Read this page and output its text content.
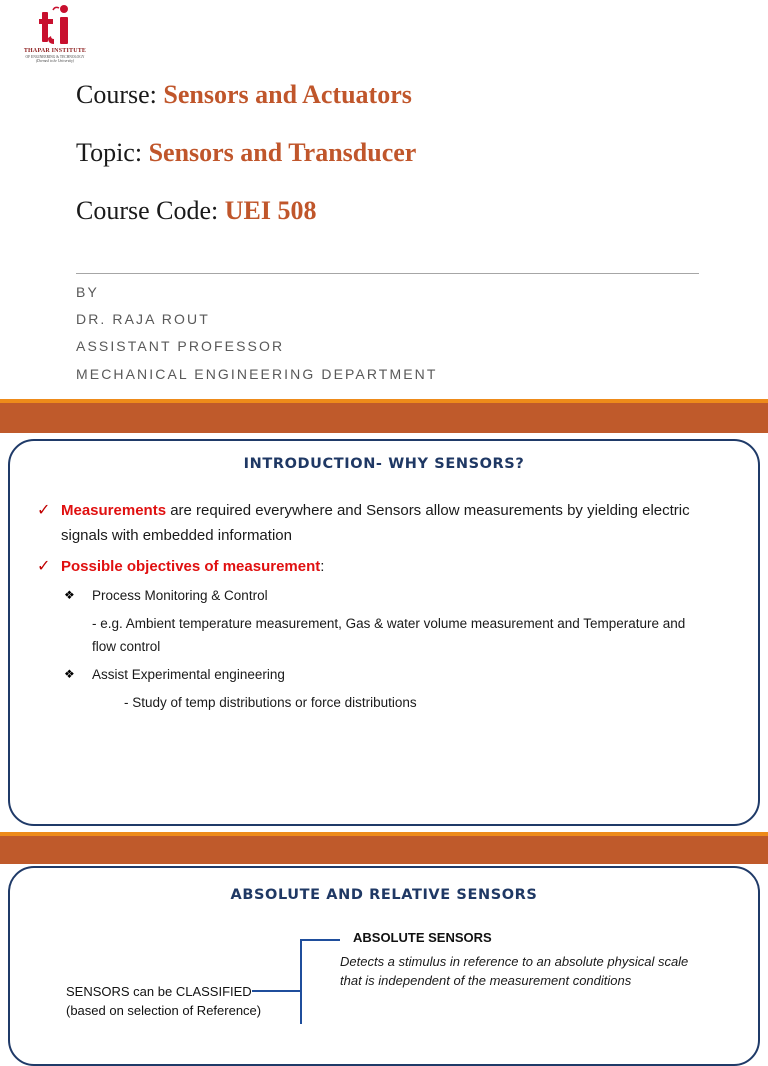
THAPAR INSTITUTE
OF ENGINEERING & TECHNOLOGY
(Deemed to be University)
Course: Sensors and Actuators
Topic: Sensors and Transducer
Course Code: UEI 508
BY
DR. RAJA ROUT
ASSISTANT PROFESSOR
MECHANICAL ENGINEERING DEPARTMENT
INTRODUCTION- WHY SENSORS?
✓ Measurements are required everywhere and Sensors allow measurements by yielding electric
signals with embedded information
✓ Possible objectives of measurement:
❖ Process Monitoring & Control
- e.g. Ambient temperature measurement, Gas & water volume measurement and Temperature and
flow control
❖ Assist Experimental engineering
- Study of temp distributions or force distributions
ABSOLUTE AND RELATIVE SENSORS
ABSOLUTE SENSORS
Detects a stimulus in reference to an absolute physical scale
that is independent of the measurement conditions
SENSORS can be CLASSIFIED
(based on selection of Reference)
